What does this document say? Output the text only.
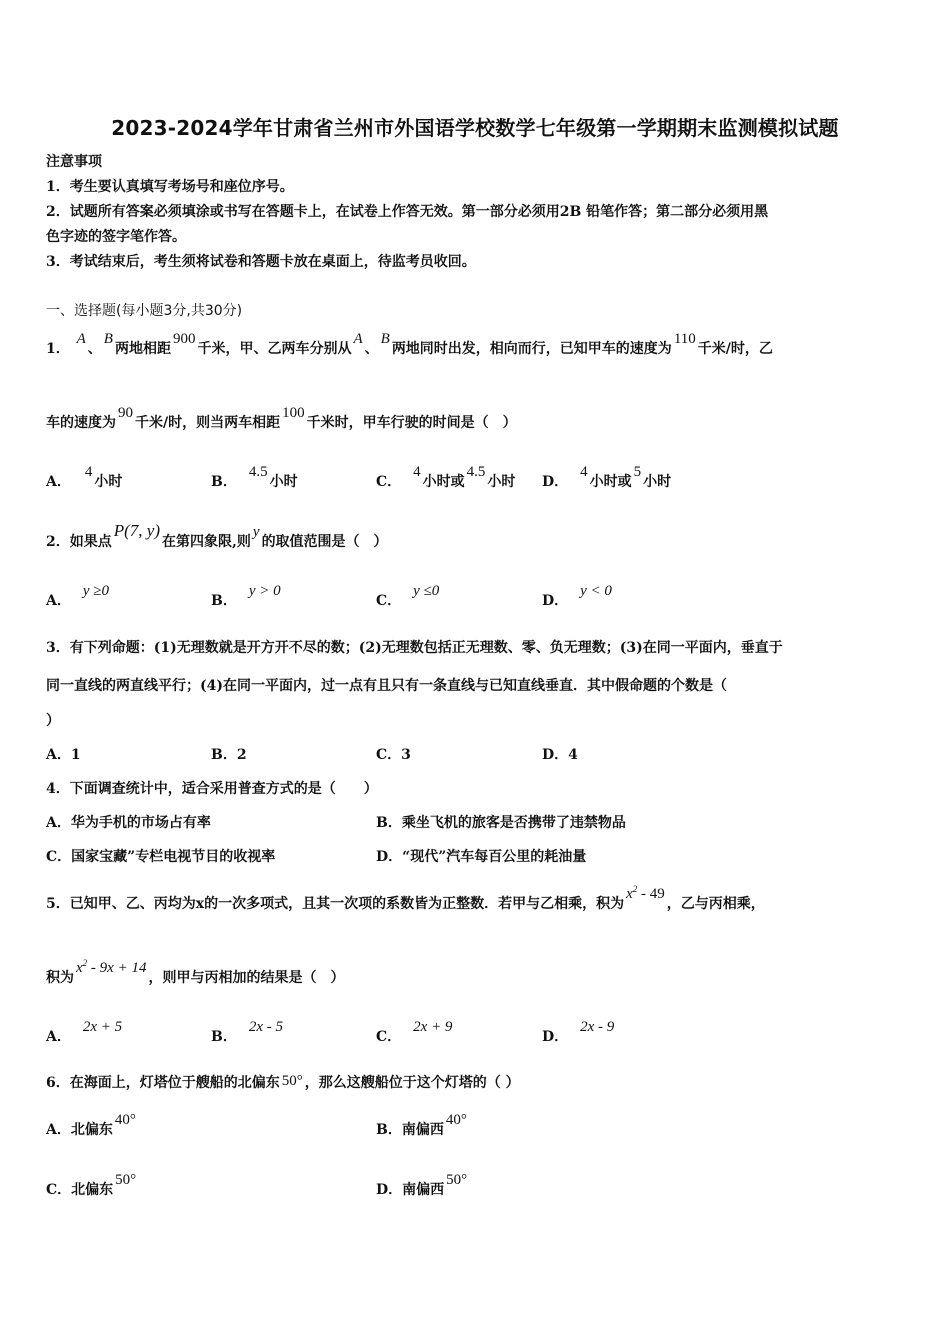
2023-2024学年甘肃省兰州市外国语学校数学七年级第一学期期末监测模拟试题
注意事项
1．考生要认真填写考场号和座位序号。
2．试题所有答案必须填涂或书写在答题卡上，在试卷上作答无效。第一部分必须用2B 铅笔作答；第二部分必须用黑
色字迹的签字笔作答。
3．考试结束后，考生须将试卷和答题卡放在桌面上，待监考员收回。
一、选择题(每小题3分,共30分)
1． A、B两地相距900千米，甲、乙两车分别从A、B两地同时出发，相向而行，已知甲车的速度为110千米/时，乙
车的速度为90千米/时，则当两车相距100千米时，甲车行驶的时间是（　）
A．4小时	B．4.5小时	C．4小时或4.5小时 D．4小时或5小时
2．如果点P(7, y)在第四象限,则y的取值范围是（　）
A．y ≥0
B．y > 0
C．y ≤0
D．y < 0
3．有下列命题：(1)无理数就是开方开不尽的数；(2)无理数包括正无理数、零、负无理数；(3)在同一平面内，垂直于
同一直线的两直线平行；(4)在同一平面内，过一点有且只有一条直线与已知直线垂直．其中假命题的个数是（
）
A．1	B．2	C．3	D．4
4．下面调查统计中，适合采用普查方式的是（　　）
A．华为手机的市场占有率	B．乘坐飞机的旅客是否携带了违禁物品
C．国家宝藏”专栏电视节目的收视率	D．“现代”汽车每百公里的耗油量
5．已知甲、乙、丙均为x的一次多项式，且其一次项的系数皆为正整数．若甲与乙相乘，积为$x^2 - 49$，乙与丙相乘，
积为$x^2 - 9x + 14$，则甲与丙相加的结果是（　）
A．2x + 5
B．2x - 5
C．2x + 9
D．2x - 9
6．在海面上，灯塔位于艘船的北偏东 50° ，那么这艘船位于这个灯塔的（ ）
A．北偏东40°
B．南偏西40°
C．北偏东50°
D．南偏西50°
